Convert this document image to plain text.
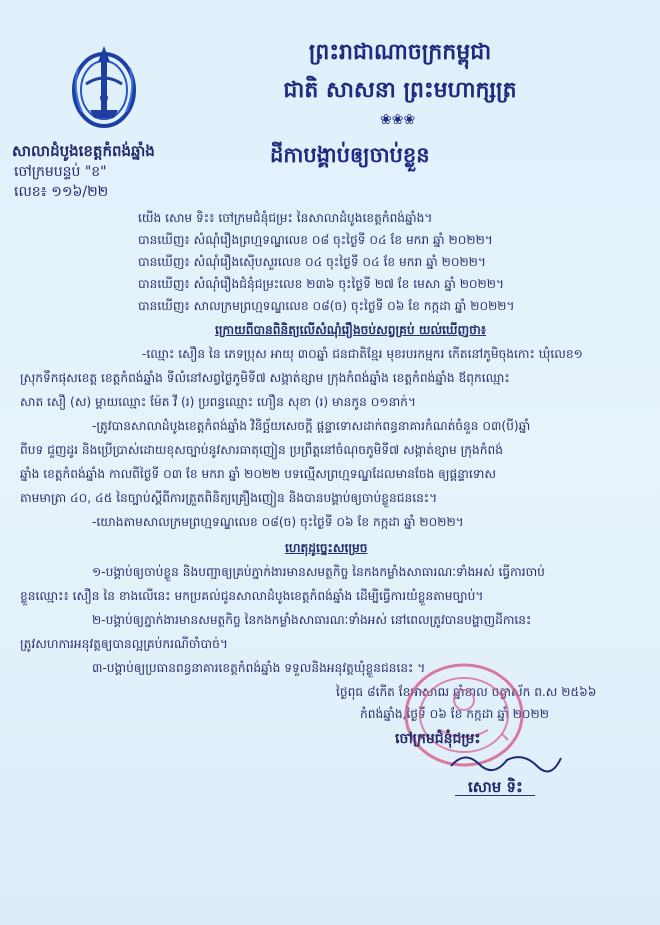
ព្រះរាជាណាចក្រកម្ពុជា
ជាតិ សាសនា ព្រះមហាក្សត្រ
❀❀❀
សាលាដំបូងខេត្តកំពង់ឆ្នាំង
ចៅក្រមបន្ទប់ "ខ"
លេខ៖ ១១៦/២២
ដីកាបង្គាប់ឲ្យចាប់ខ្លួន
យើង សោម ទិះ៖ ចៅក្រមជំនុំជម្រះ នៃសាលាដំបូងខេត្តកំពង់ឆ្នាំង។
បានឃើញ៖ សំណុំរឿងព្រហ្មទណ្ឌលេខ ០៨ ចុះថ្ងៃទី ០៤ ខែ មករា ឆ្នាំ ២០២២។
បានឃើញ៖ សំណុំរឿងស៊ើបសួរលេខ ០៤ ចុះថ្ងៃទី ០៤ ខែ មករា ឆ្នាំ ២០២២។
បានឃើញ៖ សំណុំរឿងជំនុំជម្រះលេខ ២៣៦ ចុះថ្ងៃទី ២៧ ខែ មេសា ឆ្នាំ ២០២២។
បានឃើញ៖ សាលក្រមព្រហ្មទណ្ឌលេខ ០៨(ច) ចុះថ្ងៃទី ០៦ ខែ កក្កដា ឆ្នាំ ២០២២។
ក្រោយពីបានពិនិត្យលើសំណុំរឿងចប់សព្វគ្រប់ យល់ឃើញថា៖
-ឈ្មោះ សឿន នៃ ភេទប្រុស អាយុ ៣០ឆ្នាំ ជនជាតិខ្មែរ មុខរបរកម្មករ កើតនៅភូមិចុងកោះ ឃុំលេខ១
ស្រុកទឹកផុសខេត្ត ខេត្តកំពង់ឆ្នាំង ទីលំនៅសព្វថ្ងៃភូមិទី៧ សង្កាត់ខ្សាម ក្រុងកំពង់ឆ្នាំង ខេត្តកំពង់ឆ្នាំង ឪពុកឈ្មោះ
សាត សឿ (ស) ម្ដាយឈ្មោះ ម៉ែត វី (រ) ប្រពន្ធឈ្មោះ ហឿន សុខា (រ) មានកូន ០១នាក់។
-ត្រូវបានសាលាដំបូងខេត្តកំពង់ឆ្នាំង វិនិច្ឆ័យសេចក្ដី ផ្ដន្ទាទោសដាក់ពន្ធនាគារកំណត់ចំនួន ០៣(បី)ឆ្នាំ
ពីបទ ជួញដូរ និងប្រើប្រាស់ដោយខុសច្បាប់នូវសារធាតុញៀន ប្រព្រឹត្តនៅចំណុចភូមិទី៧ សង្កាត់ខ្សាម ក្រុងកំពង់
ឆ្នាំង ខេត្តកំពង់ឆ្នាំង កាលពីថ្ងៃទី ០៣ ខែ មករា ឆ្នាំ ២០២២ បទល្មើសព្រហ្មទណ្ឌដែលមានចែង ឲ្យផ្ដន្ទាទោស
តាមមាត្រា ៤០, ៤៥ នៃច្បាប់ស្ដីពីការត្រួតពិនិត្យគ្រឿងញៀន និងបានបង្គាប់ឲ្យចាប់ខ្លួនជននេះ។
-យោងតាមសាលក្រមព្រហ្មទណ្ឌលេខ ០៨(ច) ចុះថ្ងៃទី ០៦ ខែ កក្កដា ឆ្នាំ ២០២២។
ហេតុដូច្នេះសម្រេច
១-បង្គាប់ឲ្យចាប់ខ្លួន និងបញ្ជាឲ្យគ្រប់ភ្នាក់ងារមានសមត្ថកិច្ច នៃកងកម្លាំងសាធារណៈទាំងអស់ ធ្វើការចាប់
ខ្លួនឈ្មោះ៖ សឿន នៃ ខាងលើនេះ មកប្រគល់ជូនសាលាដំបូងខេត្តកំពង់ឆ្នាំង ដើម្បីធ្វើការយំខ្លួនតាមច្បាប់។
២-បង្គាប់ឲ្យភ្នាក់ងារមានសមត្ថកិច្ច នៃកងកម្លាំងសាធារណៈទាំងអស់ នៅពេលត្រូវបានបង្ហាញដីកានេះ
ត្រូវសហការអនុវត្តឲ្យបានល្អគ្រប់ករណីចាំបាច់។
៣-បង្គាប់ឲ្យប្រធានពន្ធនាគារខេត្តកំពង់ឆ្នាំង ទទួលនិងអនុវត្តឃុំខ្លួនជននេះ ។
ថ្ងៃពុធ ៨កើត ខែអាសាឍ ឆ្នាំខាល ចត្វាស័ក ព.ស ២៥៦៦
កំពង់ឆ្នាំង,ថ្ងៃទី ០៦ ខែ កក្កដា ឆ្នាំ ២០២២
ចៅក្រមជំនុំជម្រះ
សោម ទិះ
